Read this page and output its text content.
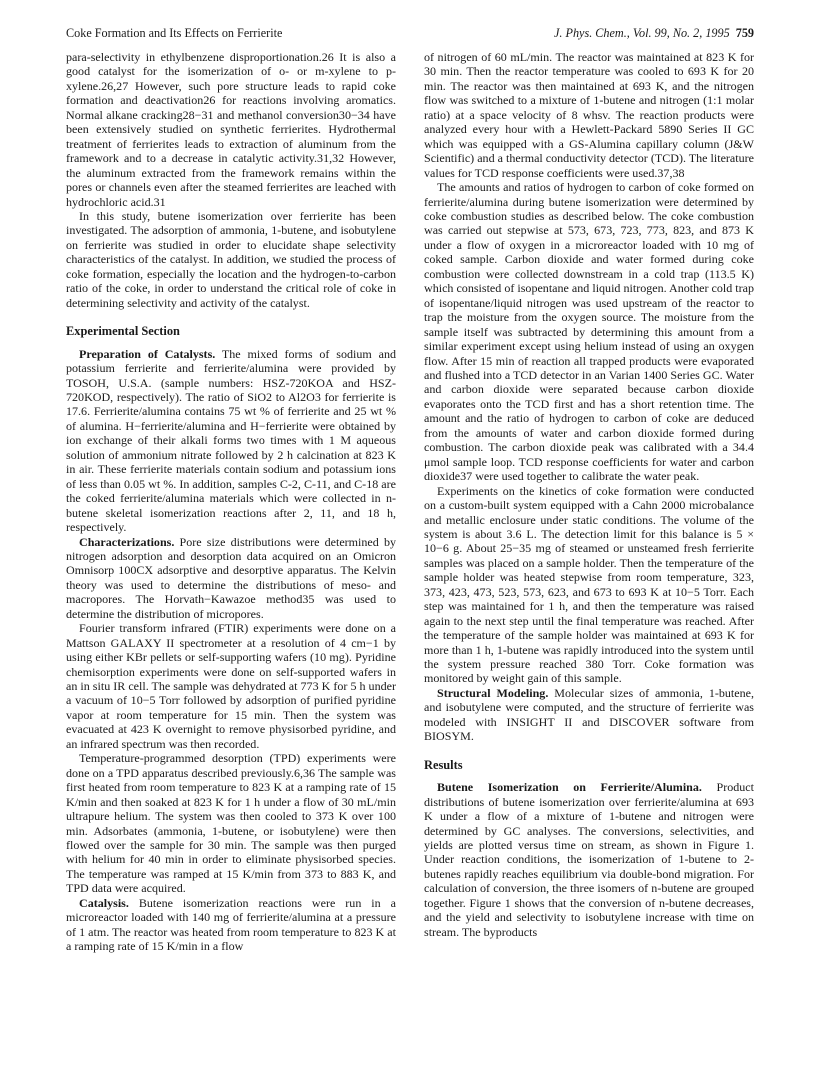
Coke Formation and Its Effects on Ferrierite	J. Phys. Chem., Vol. 99, No. 2, 1995 759

para-selectivity in ethylbenzene disproportionation.26 It is also a good catalyst for the isomerization of o- or m-xylene to p-xylene.26,27 However, such pore structure leads to rapid coke formation and deactivation26 for reactions involving aromatics. Normal alkane cracking28−31 and methanol conversion30−34 have been extensively studied on synthetic ferrierites. Hydrothermal treatment of ferrierites leads to extraction of aluminum from the framework and to a decrease in catalytic activity.31,32 However, the aluminum extracted from the framework remains within the pores or channels even after the steamed ferrierites are leached with hydrochloric acid.31

In this study, butene isomerization over ferrierite has been investigated. The adsorption of ammonia, 1-butene, and isobutylene on ferrierite was studied in order to elucidate shape selectivity characteristics of the catalyst. In addition, we studied the process of coke formation, especially the location and the hydrogen-to-carbon ratio of the coke, in order to understand the critical role of coke in determining selectivity and activity of the catalyst.

Experimental Section

Preparation of Catalysts. The mixed forms of sodium and potassium ferrierite and ferrierite/alumina were provided by TOSOH, U.S.A. (sample numbers: HSZ-720KOA and HSZ-720KOD, respectively). The ratio of SiO2 to Al2O3 for ferrierite is 17.6. Ferrierite/alumina contains 75 wt % of ferrierite and 25 wt % of alumina. H−ferrierite/alumina and H−ferrierite were obtained by ion exchange of their alkali forms two times with 1 M aqueous solution of ammonium nitrate followed by 2 h calcination at 823 K in air. These ferrierite materials contain sodium and potassium ions of less than 0.05 wt %. In addition, samples C-2, C-11, and C-18 are the coked ferrierite/alumina materials which were collected in n-butene skeletal isomerization reactions after 2, 11, and 18 h, respectively.

Characterizations. Pore size distributions were determined by nitrogen adsorption and desorption data acquired on an Omicron Omnisorp 100CX adsorptive and desorptive apparatus. The Kelvin theory was used to determine the distributions of meso- and macropores. The Horvath−Kawazoe method35 was used to determine the distribution of micropores.

Fourier transform infrared (FTIR) experiments were done on a Mattson GALAXY II spectrometer at a resolution of 4 cm−1 by using either KBr pellets or self-supporting wafers (10 mg). Pyridine chemisorption experiments were done on self-supported wafers in an in situ IR cell. The sample was dehydrated at 773 K for 5 h under a vacuum of 10−5 Torr followed by adsorption of purified pyridine vapor at room temperature for 15 min. Then the system was evacuated at 423 K overnight to remove physisorbed pyridine, and an infrared spectrum was then recorded.

Temperature-programmed desorption (TPD) experiments were done on a TPD apparatus described previously.6,36 The sample was first heated from room temperature to 823 K at a ramping rate of 15 K/min and then soaked at 823 K for 1 h under a flow of 30 mL/min ultrapure helium. The system was then cooled to 373 K over 100 min. Adsorbates (ammonia, 1-butene, or isobutylene) were then flowed over the sample for 30 min. The sample was then purged with helium for 40 min in order to eliminate physisorbed species. The temperature was ramped at 15 K/min from 373 to 883 K, and TPD data were acquired.

Catalysis. Butene isomerization reactions were run in a microreactor loaded with 140 mg of ferrierite/alumina at a pressure of 1 atm. The reactor was heated from room temperature to 823 K at a ramping rate of 15 K/min in a flow

of nitrogen of 60 mL/min. The reactor was maintained at 823 K for 30 min. Then the reactor temperature was cooled to 693 K for 20 min. The reactor was then maintained at 693 K, and the nitrogen flow was switched to a mixture of 1-butene and nitrogen (1:1 molar ratio) at a space velocity of 8 whsv. The reaction products were analyzed every hour with a Hewlett-Packard 5890 Series II GC which was equipped with a GS-Alumina capillary column (J&W Scientific) and a thermal conductivity detector (TCD). The literature values for TCD response coefficients were used.37,38

The amounts and ratios of hydrogen to carbon of coke formed on ferrierite/alumina during butene isomerization were determined by coke combustion studies as described below. The coke combustion was carried out stepwise at 573, 673, 723, 773, 823, and 873 K under a flow of oxygen in a microreactor loaded with 10 mg of coked sample. Carbon dioxide and water formed during coke combustion were collected downstream in a cold trap (113.5 K) which consisted of isopentane and liquid nitrogen. Another cold trap of isopentane/liquid nitrogen was used upstream of the reactor to trap the moisture from the oxygen source. The moisture from the sample itself was subtracted by determining this amount from a similar experiment except using helium instead of using an oxygen flow. After 15 min of reaction all trapped products were evaporated and flushed into a TCD detector in an Varian 1400 Series GC. Water and carbon dioxide were separated because carbon dioxide evaporates onto the TCD first and has a short retention time. The amount and the ratio of hydrogen to carbon of coke are deduced from the amounts of water and carbon dioxide formed during combustion. The carbon dioxide peak was calibrated with a 34.4 μmol sample loop. TCD response coefficients for water and carbon dioxide37 were used together to calibrate the water peak.

Experiments on the kinetics of coke formation were conducted on a custom-built system equipped with a Cahn 2000 microbalance and metallic enclosure under static conditions. The volume of the system is about 3.6 L. The detection limit for this balance is 5 × 10−6 g. About 25−35 mg of steamed or unsteamed fresh ferrierite samples was placed on a sample holder. Then the temperature of the sample holder was heated stepwise from room temperature, 323, 373, 423, 473, 523, 573, 623, and 673 to 693 K at 10−5 Torr. Each step was maintained for 1 h, and then the temperature was raised again to the next step until the final temperature was reached. After the temperature of the sample holder was maintained at 693 K for more than 1 h, 1-butene was rapidly introduced into the system until the system pressure reached 380 Torr. Coke formation was monitored by weight gain of this sample.

Structural Modeling. Molecular sizes of ammonia, 1-butene, and isobutylene were computed, and the structure of ferrierite was modeled with INSIGHT II and DISCOVER software from BIOSYM.

Results

Butene Isomerization on Ferrierite/Alumina. Product distributions of butene isomerization over ferrierite/alumina at 693 K under a flow of a mixture of 1-butene and nitrogen were determined by GC analyses. The conversions, selectivities, and yields are plotted versus time on stream, as shown in Figure 1. Under reaction conditions, the isomerization of 1-butene to 2-butenes rapidly reaches equilibrium via double-bond migration. For calculation of conversion, the three isomers of n-butene are grouped together. Figure 1 shows that the conversion of n-butene decreases, and the yield and selectivity to isobutylene increase with time on stream. The byproducts
